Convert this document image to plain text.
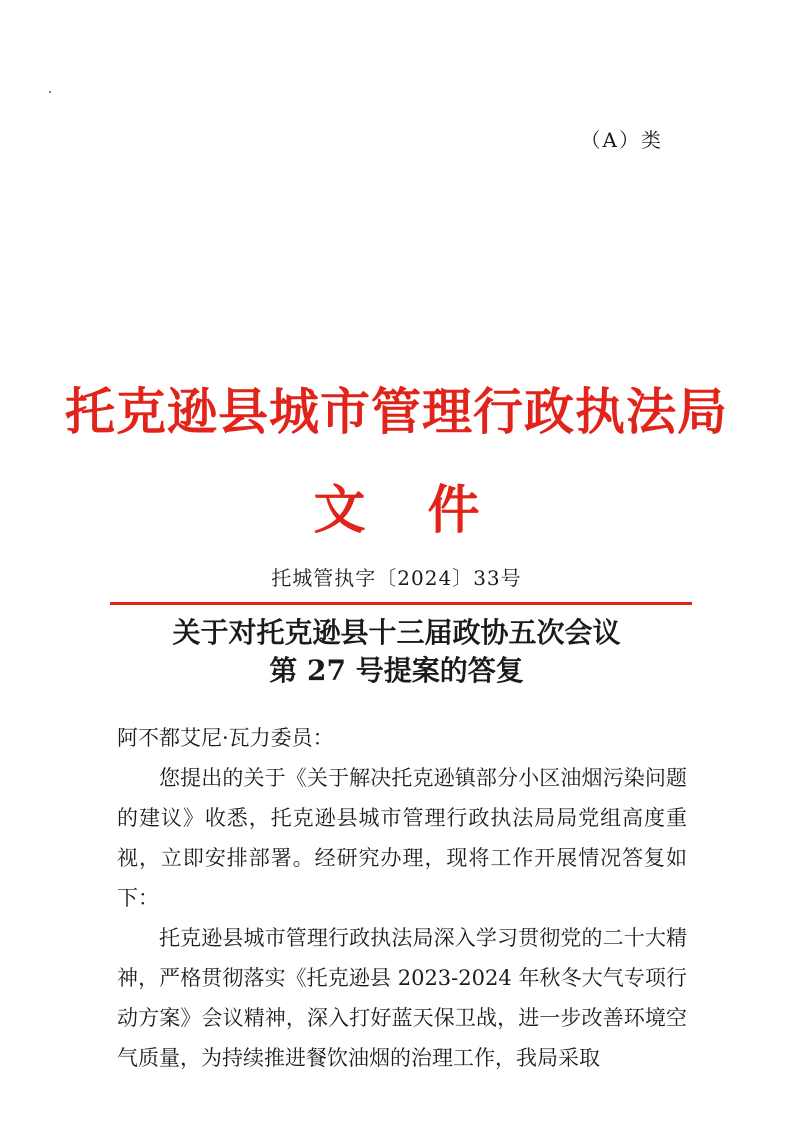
（A）类
托克逊县城市管理行政执法局
文 件
托城管执字〔2024〕33号
关于对托克逊县十三届政协五次会议
第 27 号提案的答复

阿不都艾尼·瓦力委员：

您提出的关于《关于解决托克逊镇部分小区油烟污染问题的建议》收悉，托克逊县城市管理行政执法局局党组高度重视，立即安排部署。经研究办理，现将工作开展情况答复如下：

托克逊县城市管理行政执法局深入学习贯彻党的二十大精神，严格贯彻落实《托克逊县 2023-2024 年秋冬大气专项行动方案》会议精神，深入打好蓝天保卫战，进一步改善环境空气质量，为持续推进餐饮油烟的治理工作，我局采取
